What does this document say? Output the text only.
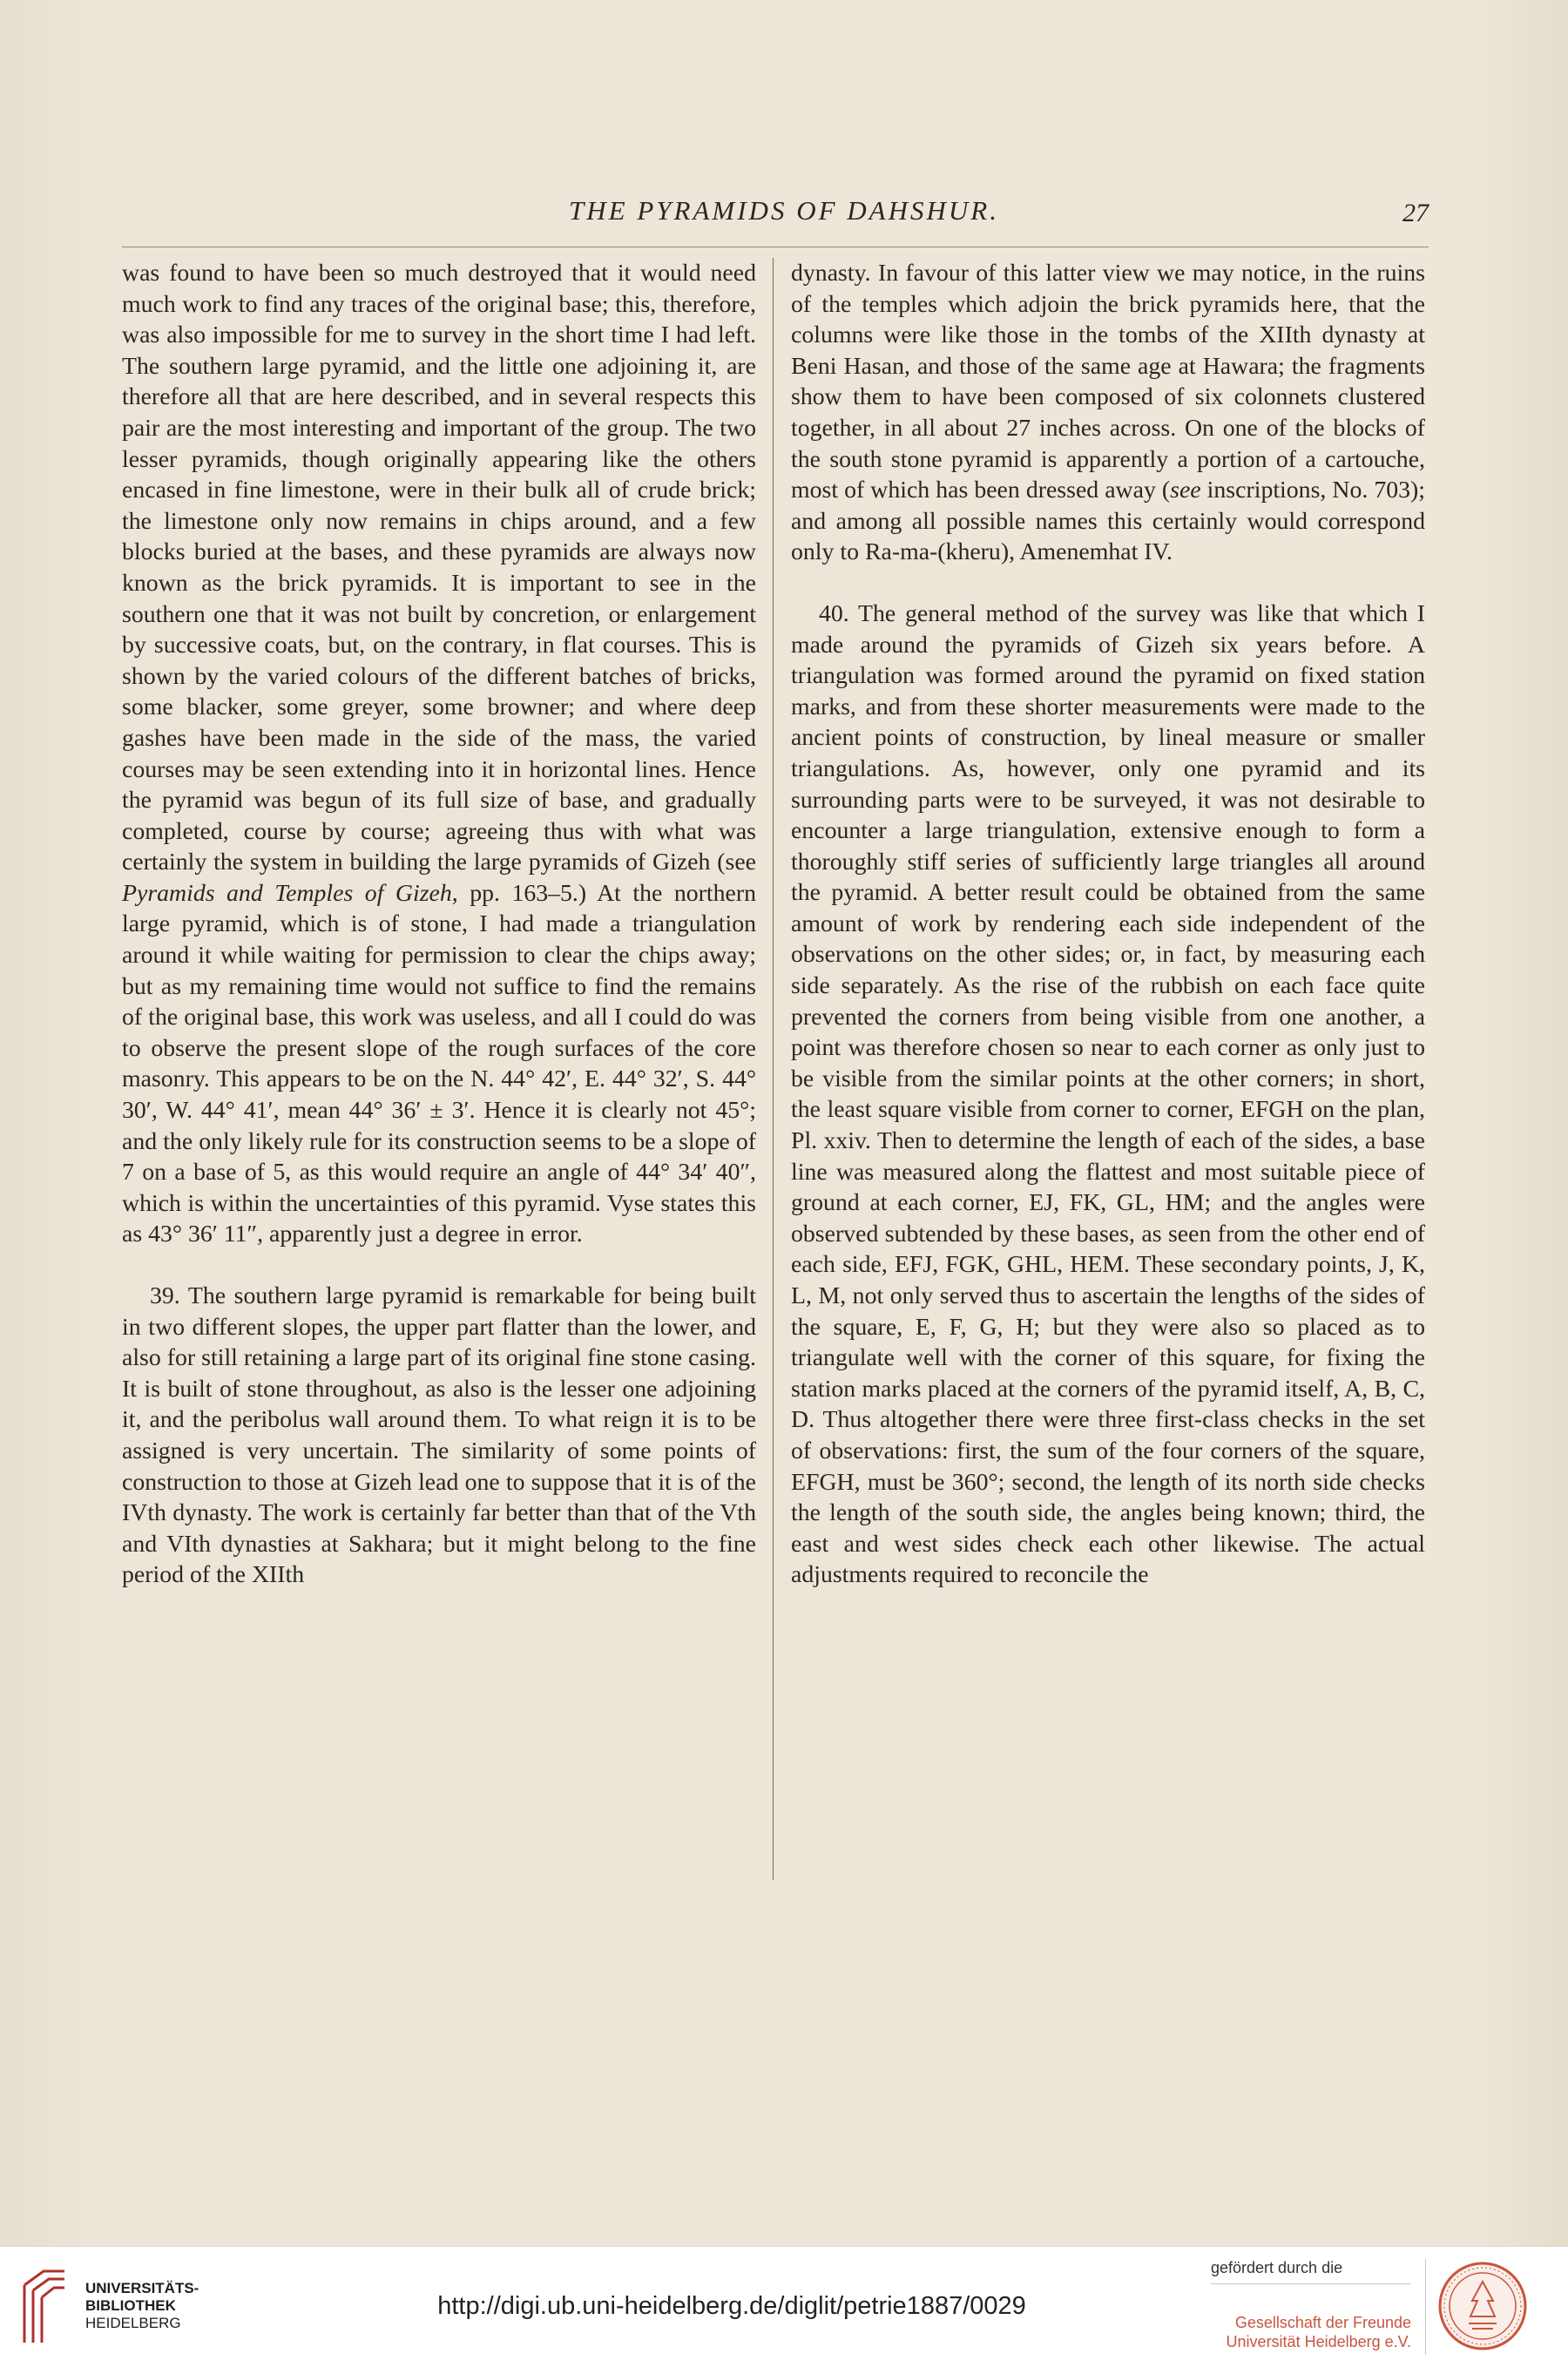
THE PYRAMIDS OF DAHSHUR.	27

was found to have been so much destroyed that it would need much work to find any traces of the original base; this, therefore, was also impossible for me to survey in the short time I had left. The southern large pyramid, and the little one adjoining it, are therefore all that are here described, and in several respects this pair are the most interesting and important of the group. The two lesser pyramids, though originally appearing like the others encased in fine limestone, were in their bulk all of crude brick; the limestone only now remains in chips around, and a few blocks buried at the bases, and these pyramids are always now known as the brick pyramids. It is important to see in the southern one that it was not built by concretion, or enlargement by successive coats, but, on the contrary, in flat courses. This is shown by the varied colours of the different batches of bricks, some blacker, some greyer, some browner; and where deep gashes have been made in the side of the mass, the varied courses may be seen extending into it in horizontal lines. Hence the pyramid was begun of its full size of base, and gradually completed, course by course; agreeing thus with what was certainly the system in building the large pyramids of Gizeh (see Pyramids and Temples of Gizeh, pp. 163–5.) At the northern large pyramid, which is of stone, I had made a triangulation around it while waiting for permission to clear the chips away; but as my remaining time would not suffice to find the remains of the original base, this work was useless, and all I could do was to observe the present slope of the rough surfaces of the core masonry. This appears to be on the N. 44° 42′, E. 44° 32′, S. 44° 30′, W. 44° 41′, mean 44° 36′ ± 3′. Hence it is clearly not 45°; and the only likely rule for its construction seems to be a slope of 7 on a base of 5, as this would require an angle of 44° 34′ 40″, which is within the uncertainties of this pyramid. Vyse states this as 43° 36′ 11″, apparently just a degree in error.

39. The southern large pyramid is remarkable for being built in two different slopes, the upper part flatter than the lower, and also for still retaining a large part of its original fine stone casing. It is built of stone throughout, as also is the lesser one adjoining it, and the peribolus wall around them. To what reign it is to be assigned is very uncertain. The similarity of some points of construction to those at Gizeh lead one to suppose that it is of the IVth dynasty. The work is certainly far better than that of the Vth and VIth dynasties at Sakhara; but it might belong to the fine period of the XIIth

dynasty. In favour of this latter view we may notice, in the ruins of the temples which adjoin the brick pyramids here, that the columns were like those in the tombs of the XIIth dynasty at Beni Hasan, and those of the same age at Hawara; the fragments show them to have been composed of six colonnets clustered together, in all about 27 inches across. On one of the blocks of the south stone pyramid is apparently a portion of a cartouche, most of which has been dressed away (see inscriptions, No. 703); and among all possible names this certainly would correspond only to Ra-ma-(kheru), Amenemhat IV.

40. The general method of the survey was like that which I made around the pyramids of Gizeh six years before. A triangulation was formed around the pyramid on fixed station marks, and from these shorter measurements were made to the ancient points of construction, by lineal measure or smaller triangulations. As, however, only one pyramid and its surrounding parts were to be surveyed, it was not desirable to encounter a large triangulation, extensive enough to form a thoroughly stiff series of sufficiently large triangles all around the pyramid. A better result could be obtained from the same amount of work by rendering each side independent of the observations on the other sides; or, in fact, by measuring each side separately. As the rise of the rubbish on each face quite prevented the corners from being visible from one another, a point was therefore chosen so near to each corner as only just to be visible from the similar points at the other corners; in short, the least square visible from corner to corner, EFGH on the plan, Pl. xxiv. Then to determine the length of each of the sides, a base line was measured along the flattest and most suitable piece of ground at each corner, EJ, FK, GL, HM; and the angles were observed subtended by these bases, as seen from the other end of each side, EFJ, FGK, GHL, HEM. These secondary points, J, K, L, M, not only served thus to ascertain the lengths of the sides of the square, E, F, G, H; but they were also so placed as to triangulate well with the corner of this square, for fixing the station marks placed at the corners of the pyramid itself, A, B, C, D. Thus altogether there were three first-class checks in the set of observations: first, the sum of the four corners of the square, EFGH, must be 360°; second, the length of its north side checks the length of the south side, the angles being known; third, the east and west sides check each other likewise. The actual adjustments required to reconcile the

UNIVERSITÄTS-
BIBLIOTHEK
HEIDELBERG
http://digi.ub.uni-heidelberg.de/diglit/petrie1887/0029
gefördert durch die
Gesellschaft der Freunde
Universität Heidelberg e.V.
